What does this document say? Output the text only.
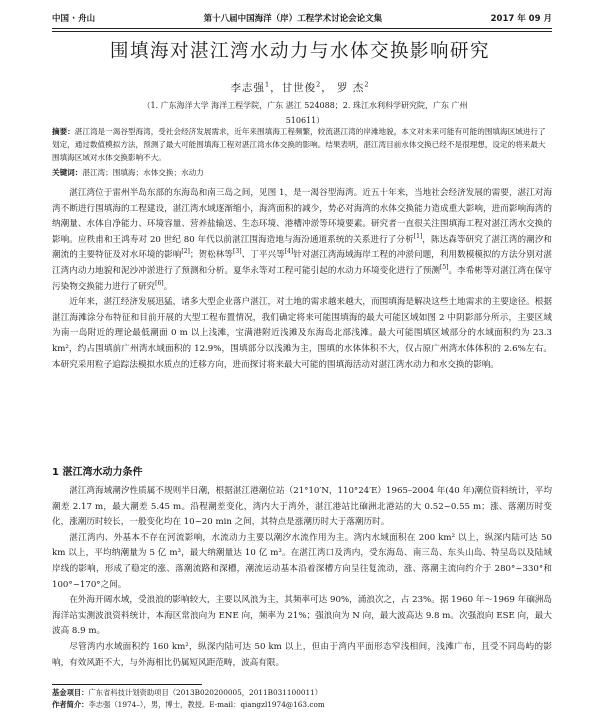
中国 · 舟山	第十八届中国海洋（岸）工程学术讨论会论文集	2017 年 09 月
围填海对湛江湾水动力与水体交换影响研究
李志强$^1$，甘世俊$^2$， 罗 杰$^2$
（1. 广东海洋大学 海洋工程学院，广东 湛江 524088；2. 珠江水利科学研究院，广东 广州
510611）
摘要：湛江湾是一渴谷型海湾，受社会经济发展需求，近年来围填海工程频繁，较流湛江湾的岸滩地貌，本文对未来可能有可能的围填海区域进行了划定，通过数值模拟方法，预测了最大可能围填海工程对湛江湾水体交换的影响。结果表明，湛江湾目前水体交换已经不是很理想，设定的将来最大围填海区域对水体交换影响不大。
关键词：湛江湾；围填海；水体交换；水动力

湛江湾位于雷州半岛东部的东海岛和南三岛之间，见图 1，是一渴谷型海湾。近五十年来，当地社会经济发展的需要，湛江对海湾不断进行围填海的工程建设，湛江湾水域逐渐缩小，海湾面积的减少，势必对海湾的水体交换能力造成重大影响，进而影响海湾的纳潮量、水体自净能力、环境容量、营养盐输送、生态环境、港槽冲淤等环境要素。研究者一直很关注围填海工程对湛江湾水交换的影响。应秩甫和王鸿寿对 20 世纪 80 年代以前湛江围海造地与海汾通道系统的关系进行了分析[1]，陈达森等研究了湛江湾的潮汐和潮流的主要特征及对水环境的影响[2]；贺松林等[3]、丁平兴等[4]针对湛江湾海域海岸工程的冲淤问题，利用数模模拟的方法分别对湛江湾内动力地貌和泥沙冲淤进行了预测和分析。夏华永等对工程可能引起的水动力环境变化进行了预测[5]。李希彬等对湛江湾在保守污染物交换能力进行了研究[6]。

近年来，湛江经济发展迅猛，诸多大型企业落户湛江，对土地的需求越来越大，而围填海是解决这些土地需求的主要途径。根据湛江海滩涂分布特征和目前开展的大型工程布置情况，我们确定将来可能围填海的最大可能区域如图 2 中阴影部分所示，主要区域为南一岛附近的理论最低潮面 0 m 以上浅滩，宝满港附近浅滩及东海岛北部浅滩。最大可能围填区域部分的水域面积约为 23.3 km²，约占围填前广州湾水域面积的 12.9%，围填部分以浅滩为主，围填的水体体积不大，仅占原广州湾水体体积的 2.6%左右。本研究采用粒子追踪法模拟水质点的迁移方向，进而探讨将来最大可能的围填海活动对湛江湾水动力和水交换的影响。

1 湛江湾水动力条件

湛江湾海域潮汐性质属不规则半日潮，根据湛江港潮位站（21°10′N，110°24′E）1965–2004 年(40 年)潮位资料统计，平均潮差 2.17 m，最大潮差 5.45 m。沿程潮差变化，湾内大于湾外，湛江港站比硇洲北港站的大 0.52~0.55 m；涨、落潮历时变化，涨潮历时较长，一般变化均在 10~20 min 之间，其特点是涨潮历时大于落潮历时。

湛江湾内、外基本不存在河流影响，水流动力主要以潮汐水流作用为主。湾内水域面积在 200 km² 以上，纵深内陆可达 50 km 以上，平均纳潮量为 5 亿 m³，最大纳潮量达 10 亿 m³。在湛江湾口及湾内，受东海岛、南三岛、东头山岛、特呈岛以及陆域岸线的影响，形成了稳定的涨、落潮流路和深槽，潮流运动基本沿着深槽方向呈往复流动，涨、落潮主流向约介于 280°~330°和 100°~170°之间。

在外海开阔水域，受浪浪的影响较大，主要以风浪为主，其频率可达 90%，涌浪次之，占 23%。据 1960 年～1969 年硇洲岛海洋站实测波浪资料统计，本海区常浪向为 ENE 向，频率为 21%；强浪向为 N 向，最大波高达 9.8 m。次强浪向 ESE 向，最大波高 8.9 m。

尽管湾内水域面积约 160 km²，纵深内陆可达 50 km 以上，但由于湾内平面形态窄浅相间，浅滩广布，且受不同岛屿的影响，有效风距不大，与外海相比仍属短风距范畴，波高有限。

基金项目：广东省科技计划资助项目（2013B020200005，2011B031100011）
作者简介：李志强（1974–），男，博士，教授。E-mail：qiangzl1974@163.com
